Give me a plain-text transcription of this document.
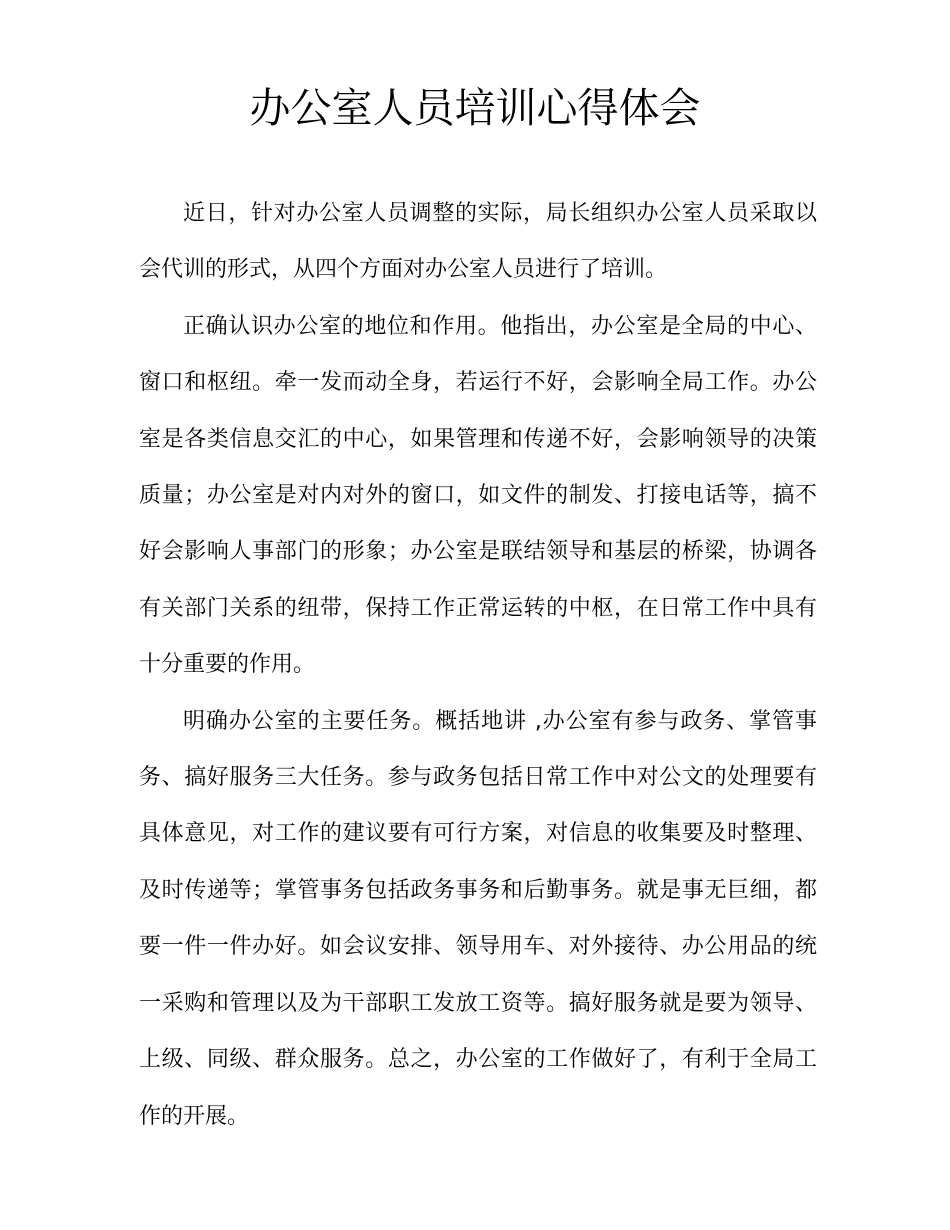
办公室人员培训心得体会

近日，针对办公室人员调整的实际，局长组织办公室人员采取以会代训的形式，从四个方面对办公室人员进行了培训。

正确认识办公室的地位和作用。他指出，办公室是全局的中心、窗口和枢纽。牵一发而动全身，若运行不好，会影响全局工作。办公室是各类信息交汇的中心，如果管理和传递不好，会影响领导的决策质量；办公室是对内对外的窗口，如文件的制发、打接电话等，搞不好会影响人事部门的形象；办公室是联结领导和基层的桥梁，协调各有关部门关系的纽带，保持工作正常运转的中枢，在日常工作中具有十分重要的作用。

明确办公室的主要任务。概括地讲 ,办公室有参与政务、掌管事务、搞好服务三大任务。参与政务包括日常工作中对公文的处理要有具体意见，对工作的建议要有可行方案，对信息的收集要及时整理、及时传递等；掌管事务包括政务事务和后勤事务。就是事无巨细，都要一件一件办好。如会议安排、领导用车、对外接待、办公用品的统一采购和管理以及为干部职工发放工资等。搞好服务就是要为领导、上级、同级、群众服务。总之，办公室的工作做好了，有利于全局工作的开展。
